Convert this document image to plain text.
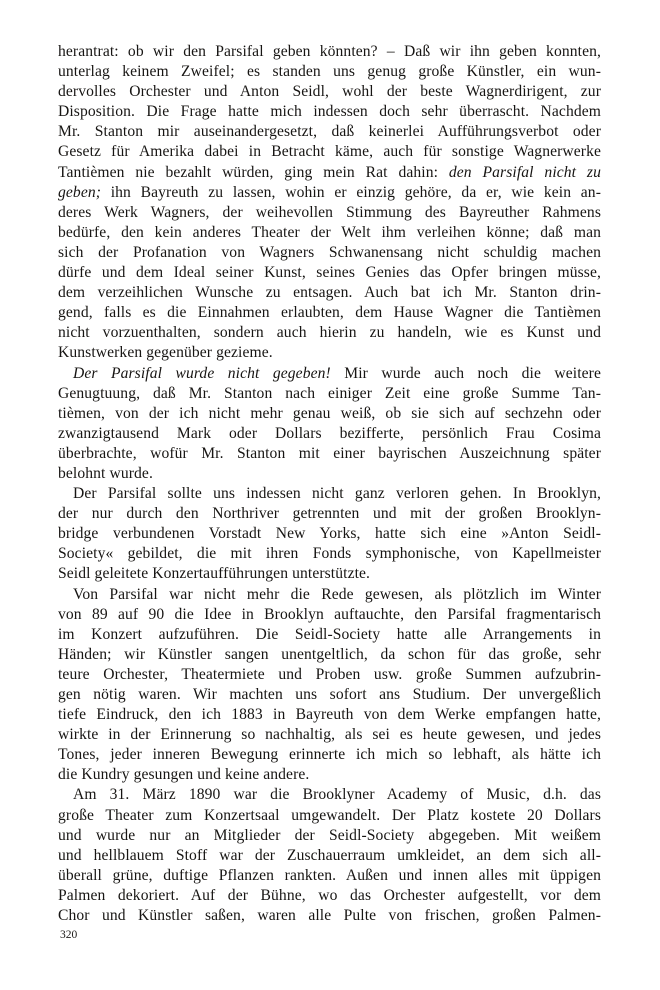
herantrat: ob wir den Parsifal geben könnten? – Daß wir ihn geben konnten,
unterlag keinem Zweifel; es standen uns genug große Künstler, ein wun-
dervolles Orchester und Anton Seidl, wohl der beste Wagnerdirigent, zur
Disposition. Die Frage hatte mich indessen doch sehr überrascht. Nachdem
Mr. Stanton mir auseinandergesetzt, daß keinerlei Aufführungsverbot oder
Gesetz für Amerika dabei in Betracht käme, auch für sonstige Wagnerwerke
Tantièmen nie bezahlt würden, ging mein Rat dahin: den Parsifal nicht zu
geben; ihn Bayreuth zu lassen, wohin er einzig gehöre, da er, wie kein an-
deres Werk Wagners, der weihevollen Stimmung des Bayreuther Rahmens
bedürfe, den kein anderes Theater der Welt ihm verleihen könne; daß man
sich der Profanation von Wagners Schwanensang nicht schuldig machen
dürfe und dem Ideal seiner Kunst, seines Genies das Opfer bringen müsse,
dem verzeihlichen Wunsche zu entsagen. Auch bat ich Mr. Stanton drin-
gend, falls es die Einnahmen erlaubten, dem Hause Wagner die Tantièmen
nicht vorzuenthalten, sondern auch hierin zu handeln, wie es Kunst und
Kunstwerken gegenüber gezieme.
Der Parsifal wurde nicht gegeben! Mir wurde auch noch die weitere
Genugtuung, daß Mr. Stanton nach einiger Zeit eine große Summe Tan-
tièmen, von der ich nicht mehr genau weiß, ob sie sich auf sechzehn oder
zwanzigtausend Mark oder Dollars bezifferte, persönlich Frau Cosima
überbrachte, wofür Mr. Stanton mit einer bayrischen Auszeichnung später
belohnt wurde.
Der Parsifal sollte uns indessen nicht ganz verloren gehen. In Brooklyn,
der nur durch den Northriver getrennten und mit der großen Brooklyn-
bridge verbundenen Vorstadt New Yorks, hatte sich eine »Anton Seidl-
Society« gebildet, die mit ihren Fonds symphonische, von Kapellmeister
Seidl geleitete Konzertaufführungen unterstützte.
Von Parsifal war nicht mehr die Rede gewesen, als plötzlich im Winter
von 89 auf 90 die Idee in Brooklyn auftauchte, den Parsifal fragmentarisch
im Konzert aufzuführen. Die Seidl-Society hatte alle Arrangements in
Händen; wir Künstler sangen unentgeltlich, da schon für das große, sehr
teure Orchester, Theatermiete und Proben usw. große Summen aufzubrin-
gen nötig waren. Wir machten uns sofort ans Studium. Der unvergeßlich
tiefe Eindruck, den ich 1883 in Bayreuth von dem Werke empfangen hatte,
wirkte in der Erinnerung so nachhaltig, als sei es heute gewesen, und jedes
Tones, jeder inneren Bewegung erinnerte ich mich so lebhaft, als hätte ich
die Kundry gesungen und keine andere.
Am 31. März 1890 war die Brooklyner Academy of Music, d.h. das
große Theater zum Konzertsaal umgewandelt. Der Platz kostete 20 Dollars
und wurde nur an Mitglieder der Seidl-Society abgegeben. Mit weißem
und hellblauem Stoff war der Zuschauerraum umkleidet, an dem sich all-
überall grüne, duftige Pflanzen rankten. Außen und innen alles mit üppigen
Palmen dekoriert. Auf der Bühne, wo das Orchester aufgestellt, vor dem
Chor und Künstler saßen, waren alle Pulte von frischen, großen Palmen-
320
